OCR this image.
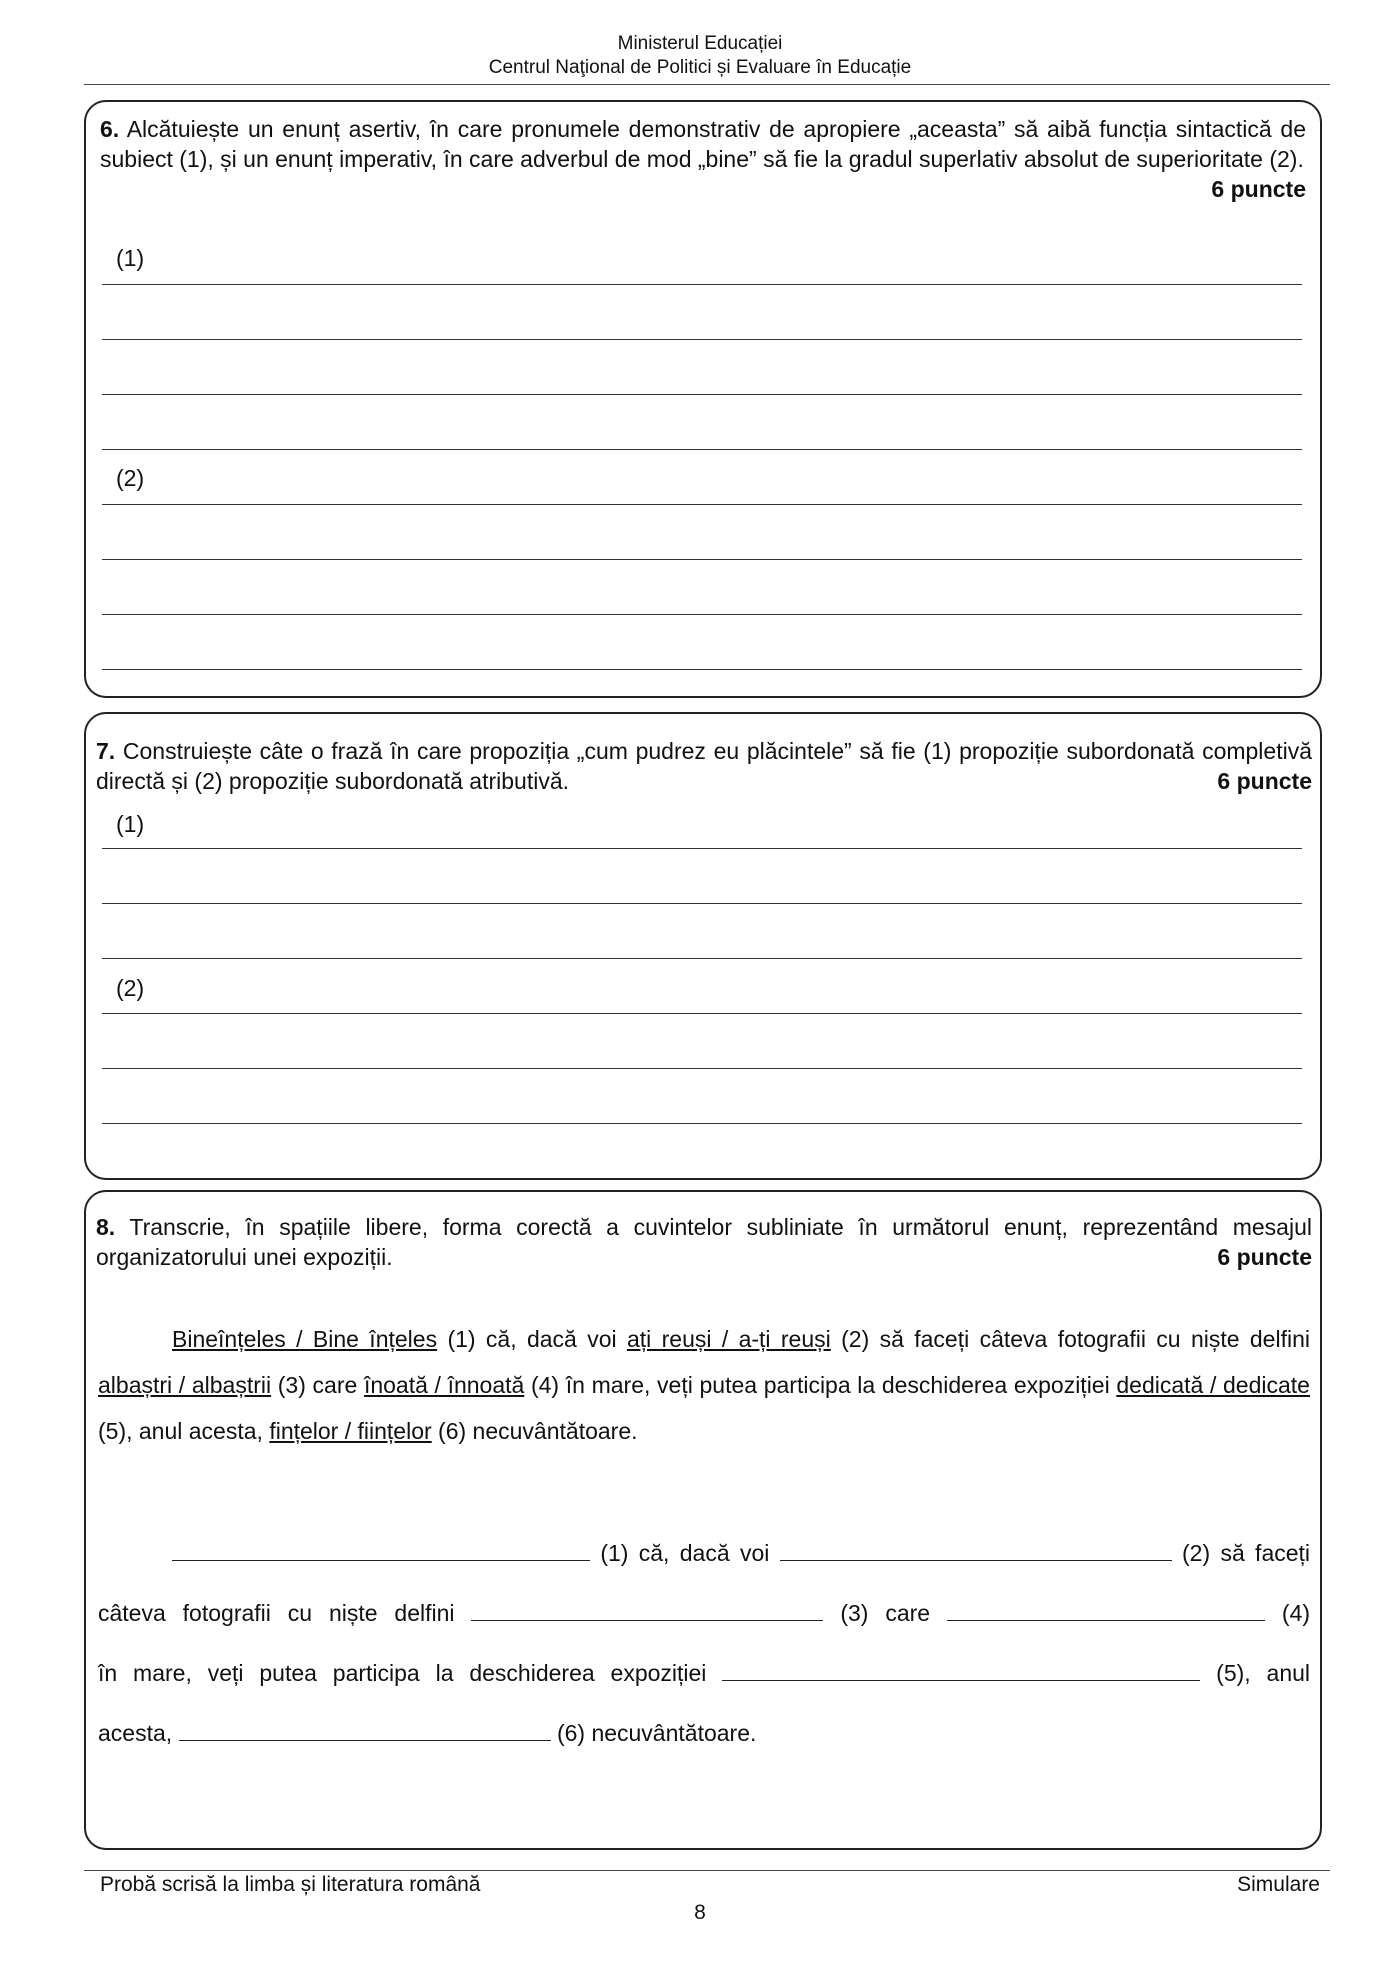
Ministerul Educației
Centrul Naţional de Politici și Evaluare în Educație
6. Alcătuiește un enunț asertiv, în care pronumele demonstrativ de apropiere „aceasta” să aibă funcția sintactică de subiect (1), și un enunț imperativ, în care adverbul de mod „bine” să fie la gradul superlativ absolut de superioritate (2).
6 puncte
(1)
(2)
7. Construiește câte o frază în care propoziția „cum pudrez eu plăcintele” să fie (1) propoziție subordonată completivă directă și (2) propoziție subordonată atributivă.	6 puncte
(1)
(2)
8. Transcrie, în spațiile libere, forma corectă a cuvintelor subliniate în următorul enunț, reprezentând mesajul organizatorului unei expoziții.	6 puncte
Bineînțeles / Bine înțeles (1) că, dacă voi ați reuși / a-ți reuși (2) să faceți câteva fotografii cu niște delfini albaștri / albaștrii (3) care înoată / înnoată (4) în mare, veți putea participa la deschiderea expoziției dedicată / dedicate (5), anul acesta, fințelor / ființelor (6) necuvântătoare.
(1) că, dacă voi	(2) să faceți
câteva fotografii cu niște delfini	(3) care	(4)
în mare, veți putea participa la deschiderea expoziției	(5), anul
acesta,	(6) necuvântătoare.
Probă scrisă la limba și literatura română	Simulare
8
